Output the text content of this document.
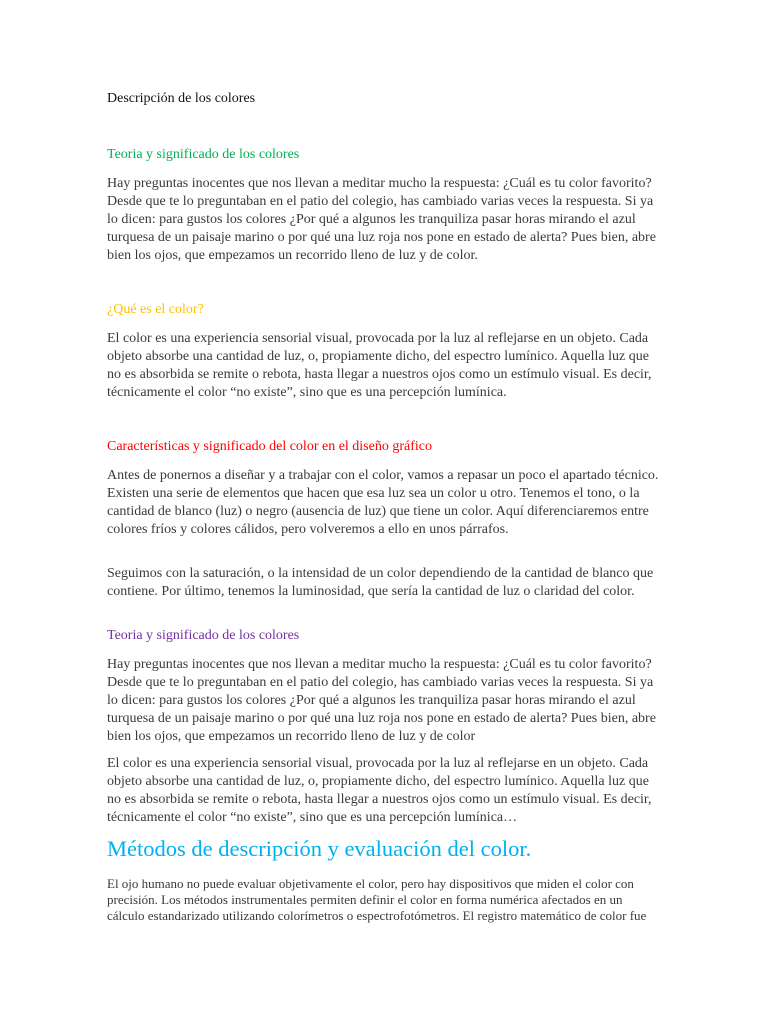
Descripción de los colores
Teoria y significado de los colores

Hay preguntas inocentes que nos llevan a meditar mucho la respuesta: ¿Cuál es tu color favorito? Desde que te lo preguntaban en el patio del colegio, has cambiado varias veces la respuesta. Si ya lo dicen: para gustos los colores ¿Por qué a algunos les tranquiliza pasar horas mirando el azul turquesa de un paisaje marino o por qué una luz roja nos pone en estado de alerta? Pues bien, abre bien los ojos, que empezamos un recorrido lleno de luz y de color.

¿Qué es el color?

El color es una experiencia sensorial visual, provocada por la luz al reflejarse en un objeto. Cada objeto absorbe una cantidad de luz, o, propiamente dicho, del espectro lumínico. Aquella luz que no es absorbida se remite o rebota, hasta llegar a nuestros ojos como un estímulo visual. Es decir, técnicamente el color “no existe”, sino que es una percepción lumínica.

Características y significado del color en el diseño gráfico

Antes de ponernos a diseñar y a trabajar con el color, vamos a repasar un poco el apartado técnico. Existen una serie de elementos que hacen que esa luz sea un color u otro. Tenemos el tono, o la cantidad de blanco (luz) o negro (ausencia de luz) que tiene un color. Aquí diferenciaremos entre colores fríos y colores cálidos, pero volveremos a ello en unos párrafos.

Seguimos con la saturación, o la intensidad de un color dependiendo de la cantidad de blanco que contiene. Por último, tenemos la luminosidad, que sería la cantidad de luz o claridad del color.

Teoria y significado de los colores

Hay preguntas inocentes que nos llevan a meditar mucho la respuesta: ¿Cuál es tu color favorito? Desde que te lo preguntaban en el patio del colegio, has cambiado varias veces la respuesta. Si ya lo dicen: para gustos los colores ¿Por qué a algunos les tranquiliza pasar horas mirando el azul turquesa de un paisaje marino o por qué una luz roja nos pone en estado de alerta? Pues bien, abre bien los ojos, que empezamos un recorrido lleno de luz y de color

El color es una experiencia sensorial visual, provocada por la luz al reflejarse en un objeto. Cada objeto absorbe una cantidad de luz, o, propiamente dicho, del espectro lumínico. Aquella luz que no es absorbida se remite o rebota, hasta llegar a nuestros ojos como un estímulo visual. Es decir, técnicamente el color “no existe”, sino que es una percepción lumínica…

Métodos de descripción y evaluación del color.

El ojo humano no puede evaluar objetivamente el color, pero hay dispositivos que miden el color con precisión. Los métodos instrumentales permiten definir el color en forma numérica afectados en un cálculo estandarizado utilizando colorímetros o espectrofotómetros. El registro matemático de color fue
